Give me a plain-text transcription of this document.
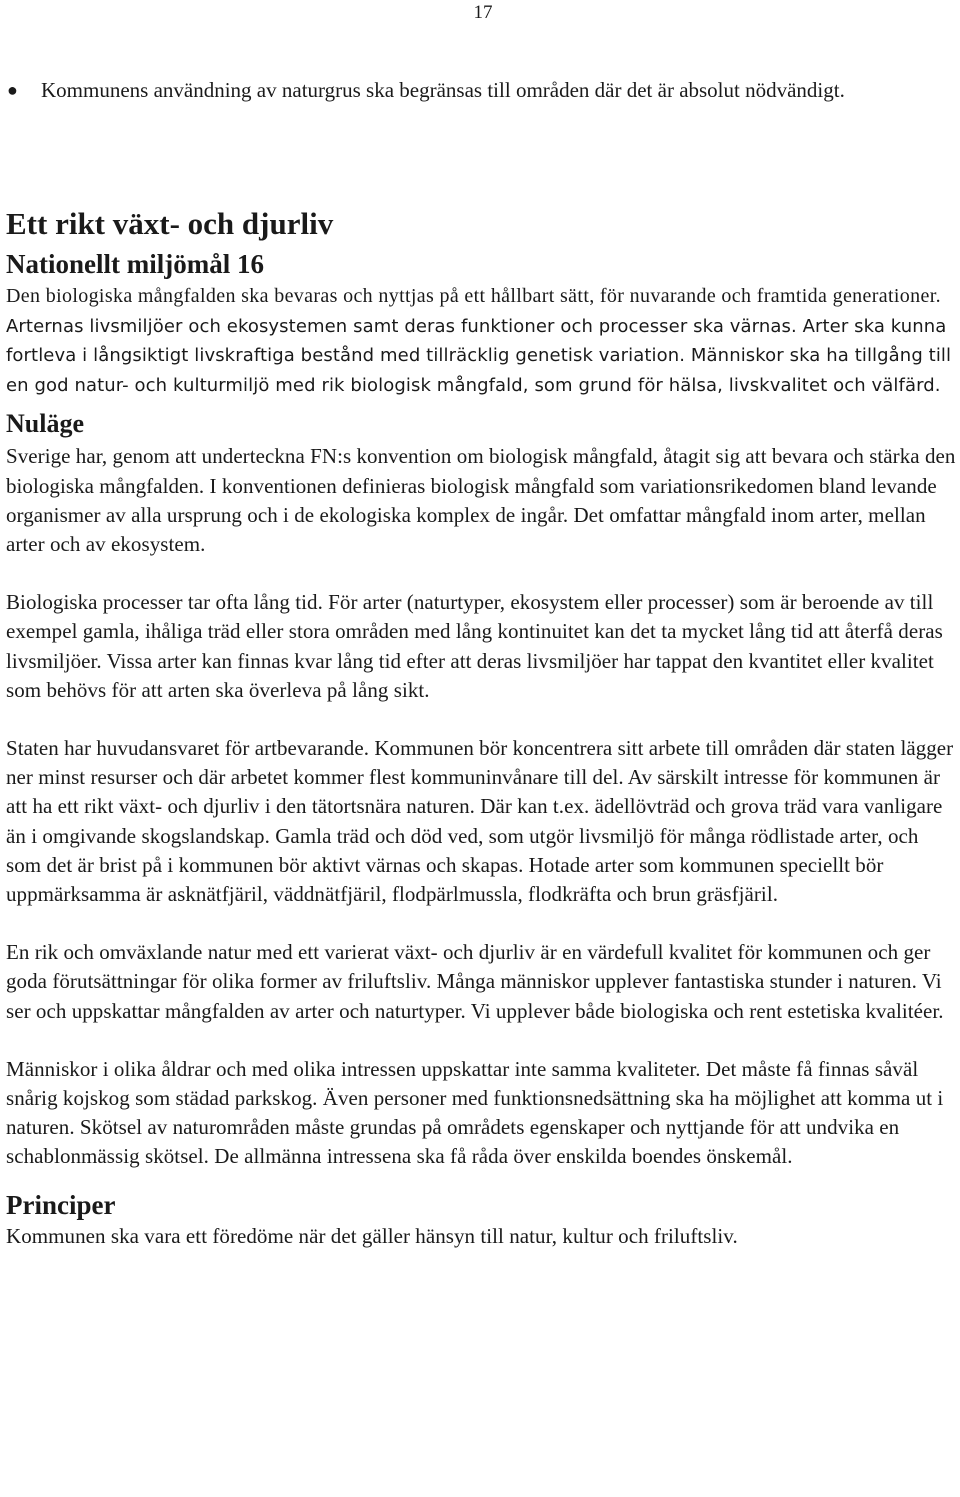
17
● Kommunens användning av naturgrus ska begränsas till områden där det är absolut nödvändigt.
Ett rikt växt- och djurliv
Nationellt miljömål 16

Den biologiska mångfalden ska bevaras och nyttjas på ett hållbart sätt, för nuvarande och framtida generationer. Arternas livsmiljöer och ekosystemen samt deras funktioner och processer ska värnas. Arter ska kunna fortleva i långsiktigt livskraftiga bestånd med tillräcklig genetisk variation. Människor ska ha tillgång till en god natur- och kulturmiljö med rik biologisk mångfald, som grund för hälsa, livskvalitet och välfärd.

Nuläge

Sverige har, genom att underteckna FN:s konvention om biologisk mångfald, åtagit sig att bevara och stärka den biologiska mångfalden. I konventionen definieras biologisk mångfald som variationsrikedomen bland levande organismer av alla ursprung och i de ekologiska komplex de ingår. Det omfattar mångfald inom arter, mellan arter och av ekosystem.

Biologiska processer tar ofta lång tid. För arter (naturtyper, ekosystem eller processer) som är beroende av till exempel gamla, ihåliga träd eller stora områden med lång kontinuitet kan det ta mycket lång tid att återfå deras livsmiljöer. Vissa arter kan finnas kvar lång tid efter att deras livsmiljöer har tappat den kvantitet eller kvalitet som behövs för att arten ska överleva på lång sikt.

Staten har huvudansvaret för artbevarande. Kommunen bör koncentrera sitt arbete till områden där staten lägger ner minst resurser och där arbetet kommer flest kommuninvånare till del. Av särskilt intresse för kommunen är att ha ett rikt växt- och djurliv i den tätortsnära naturen. Där kan t.ex. ädellövträd och grova träd vara vanligare än i omgivande skogslandskap. Gamla träd och död ved, som utgör livsmiljö för många rödlistade arter, och som det är brist på i kommunen bör aktivt värnas och skapas. Hotade arter som kommunen speciellt bör uppmärksamma är asknätfjäril, väddnätfjäril, flodpärlmussla, flodkräfta och brun gräsfjäril.

En rik och omväxlande natur med ett varierat växt- och djurliv är en värdefull kvalitet för kommunen och ger goda förutsättningar för olika former av friluftsliv. Många människor upplever fantastiska stunder i naturen. Vi ser och uppskattar mångfalden av arter och naturtyper. Vi upplever både biologiska och rent estetiska kvalitéer.

Människor i olika åldrar och med olika intressen uppskattar inte samma kvaliteter. Det måste få finnas såväl snårig kojskog som städad parkskog. Även personer med funktionsnedsättning ska ha möjlighet att komma ut i naturen. Skötsel av naturområden måste grundas på områdets egenskaper och nyttjande för att undvika en schablonmässig skötsel. De allmänna intressena ska få råda över enskilda boendes önskemål.

Principer

Kommunen ska vara ett föredöme när det gäller hänsyn till natur, kultur och friluftsliv.
